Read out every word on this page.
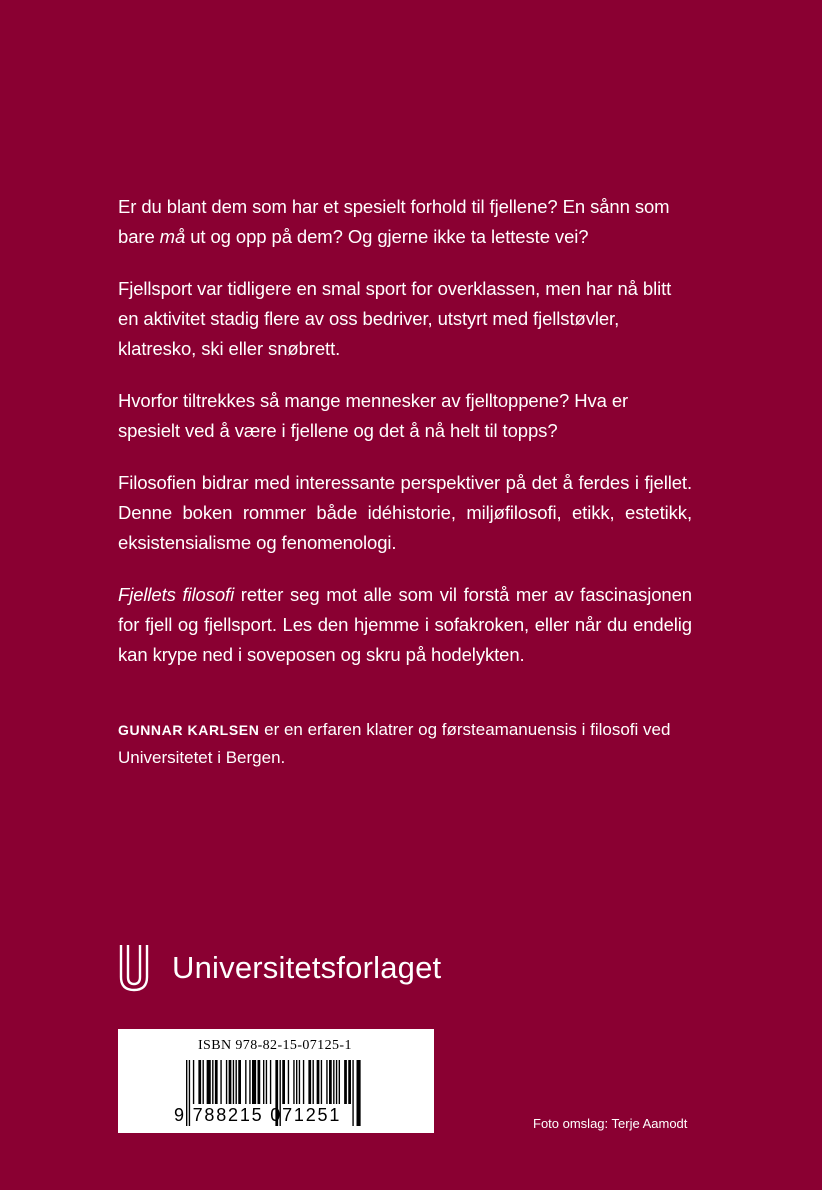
Er du blant dem som har et spesielt forhold til fjellene? En sånn som bare må ut og opp på dem? Og gjerne ikke ta letteste vei?

Fjellsport var tidligere en smal sport for overklassen, men har nå blitt en aktivitet stadig flere av oss bedriver, utstyrt med fjellstøvler, klatresko, ski eller snøbrett.

Hvorfor tiltrekkes så mange mennesker av fjelltoppene? Hva er spesielt ved å være i fjellene og det å nå helt til topps?

Filosofien bidrar med interessante perspektiver på det å ferdes i fjellet. Denne boken rommer både idéhistorie, miljøfilosofi, etikk, estetikk, eksistensialisme og fenomenologi.

Fjellets filosofi retter seg mot alle som vil forstå mer av fascinasjonen for fjell og fjellsport. Les den hjemme i sofakroken, eller når du endelig kan krype ned i soveposen og skru på hodelykten.

GUNNAR KARLSEN er en erfaren klatrer og førsteamanuensis i filosofi ved Universitetet i Bergen.
Universitetsforlaget
ISBN 978-82-15-07125-1
9 788215 071251	Foto omslag: Terje Aamodt
